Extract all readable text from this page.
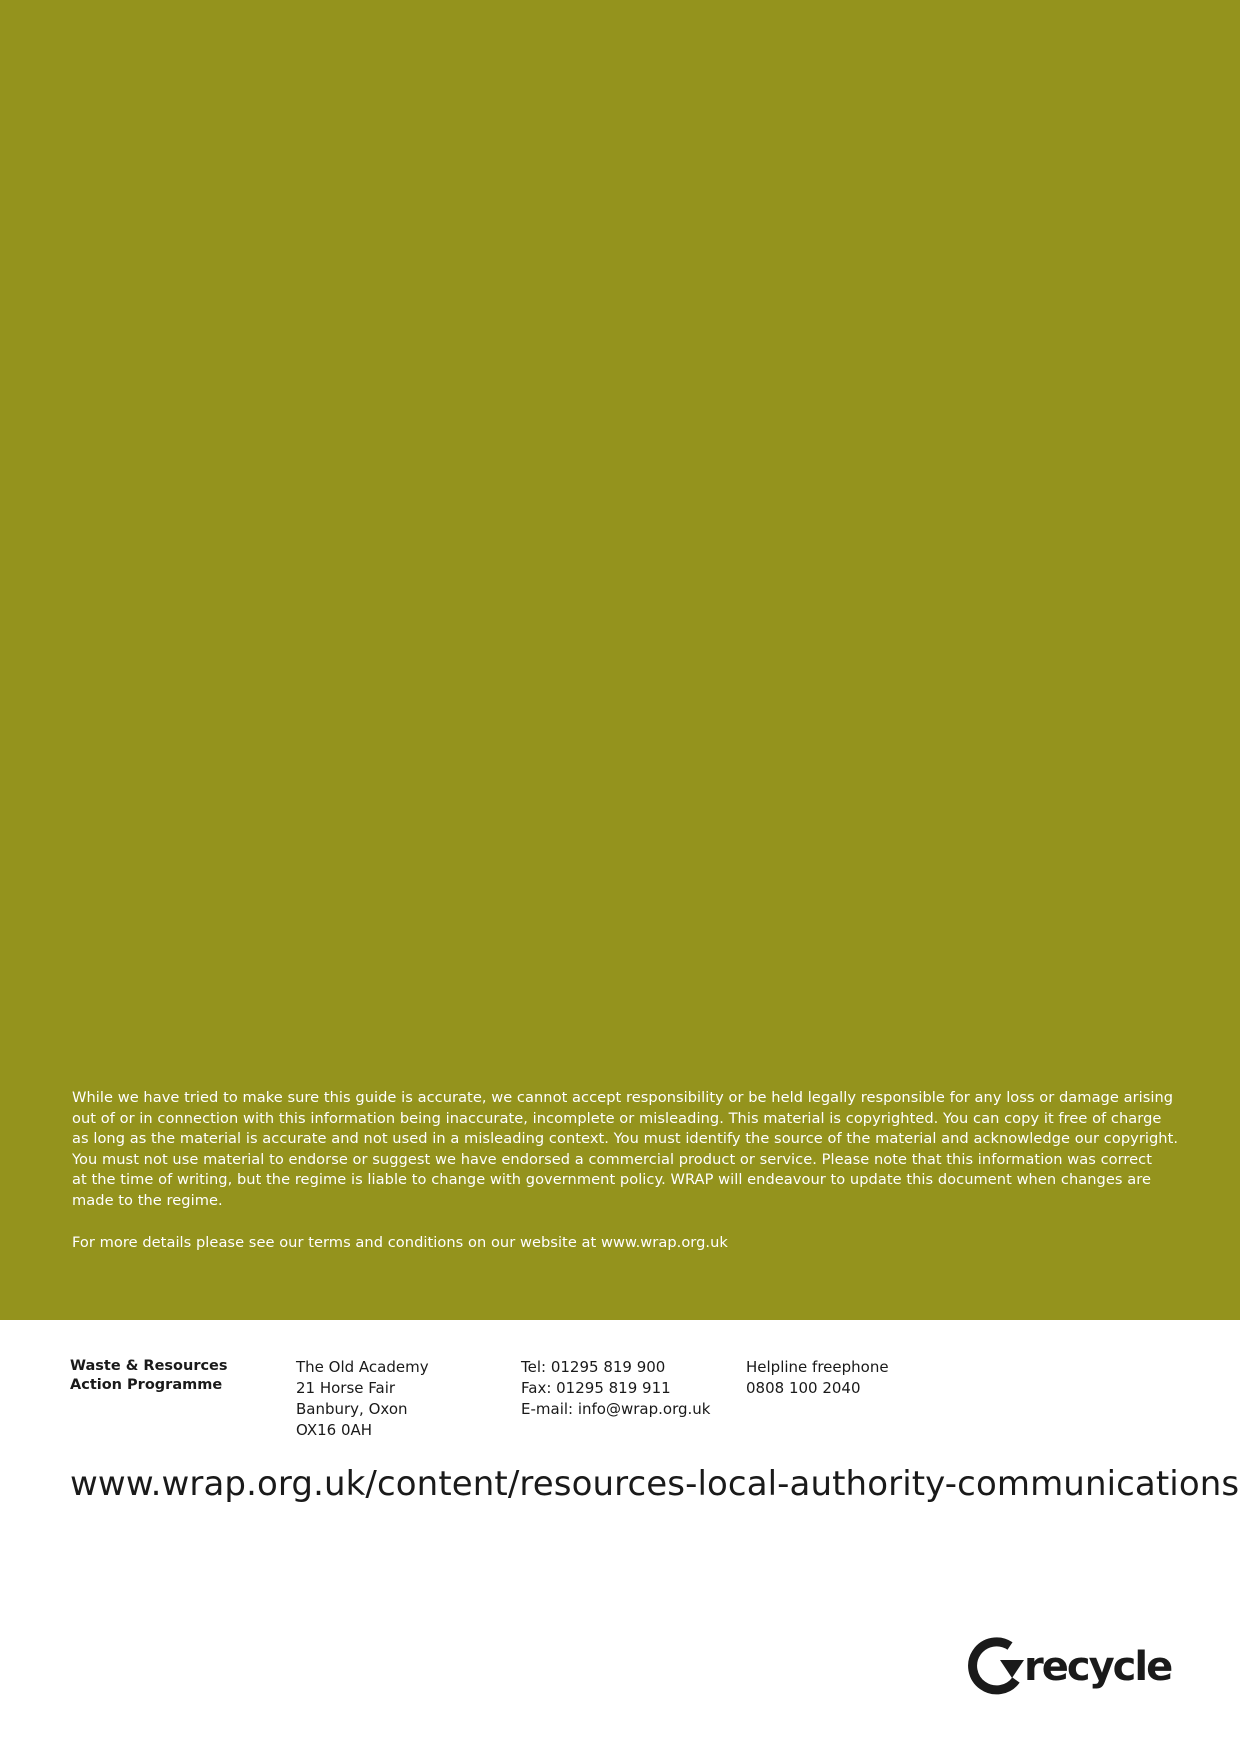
While we have tried to make sure this guide is accurate, we cannot accept responsibility or be held legally responsible for any loss or damage arising

out of or in connection with this information being inaccurate, incomplete or misleading. This material is copyrighted. You can copy it free of charge

as long as the material is accurate and not used in a misleading context. You must identify the source of the material and acknowledge our copyright.

You must not use material to endorse or suggest we have endorsed a commercial product or service. Please note that this information was correct

at the time of writing, but the regime is liable to change with government policy. WRAP will endeavour to update this document when changes are

made to the regime.

For more details please see our terms and conditions on our website at www.wrap.org.uk

Waste & Resources
Action Programme
The Old Academy
21 Horse Fair
Banbury, Oxon
OX16 0AH
Tel: 01295 819 900
Fax: 01295 819 911
E-mail: info@wrap.org.uk
Helpline freephone
0808 100 2040
www.wrap.org.uk/content/resources-local-authority-communications
recycle
